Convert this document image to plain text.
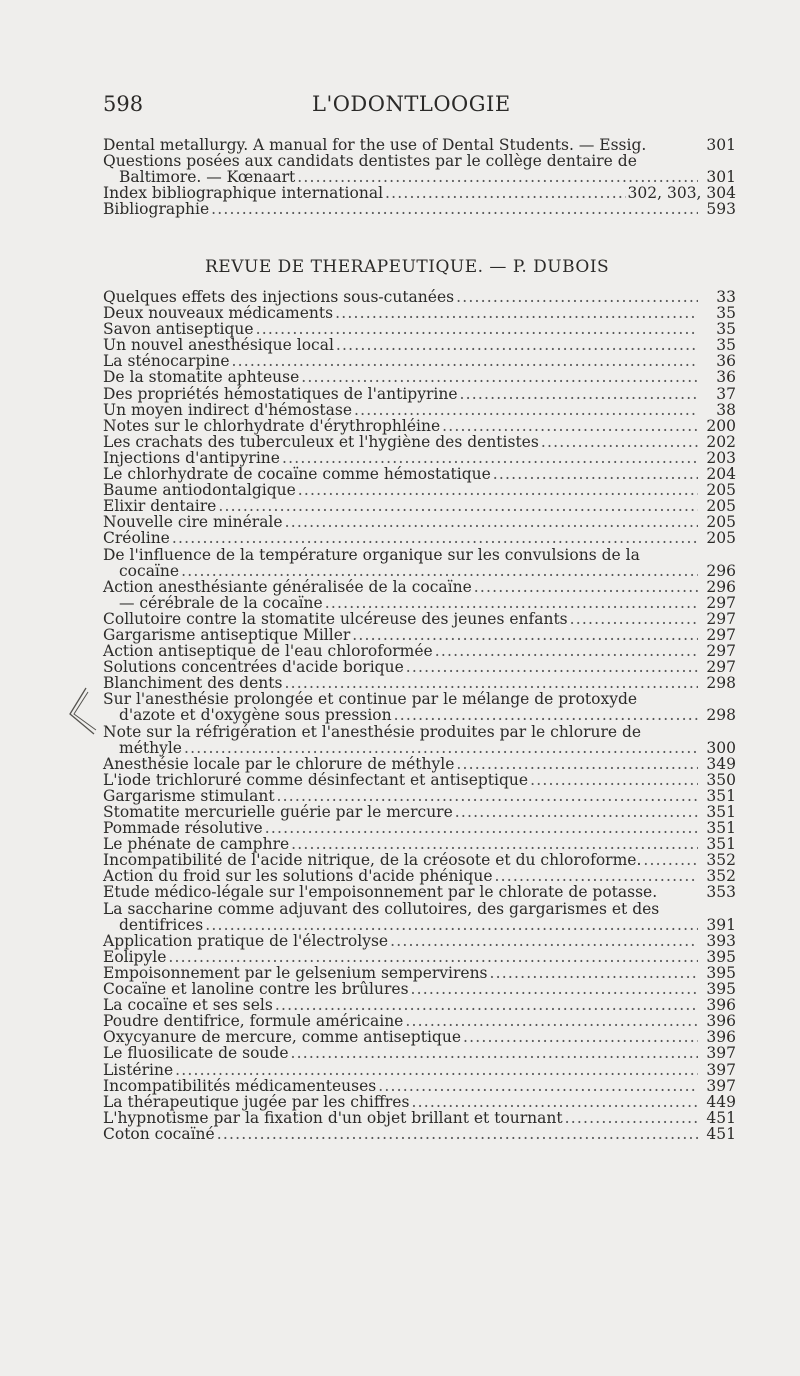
598	L'ODONTLOOGIE
Dental metallurgy. A manual for the use of Dental Students. — Essig.	301
Questions posées aux candidats dentistes par le collège dentaire de
Baltimore. — Kœnaart .....	301
Index bibliographique international .....	302, 303, 304
Bibliographie .....	593
REVUE DE THERAPEUTIQUE. — P. DUBOIS
Quelques effets des injections sous-cutanées .....	33
Deux nouveaux médicaments .....	35
Savon antiseptique .....	35
Un nouvel anesthésique local .....	35
La sténocarpine .....	36
De la stomatite aphteuse .....	36
Des propriétés hémostatiques de l'antipyrine .....	37
Un moyen indirect d'hémostase .....	38
Notes sur le chlorhydrate d'érythrophléine .....	200
Les crachats des tuberculeux et l'hygiène des dentistes .....	202
Injections d'antipyrine .....	203
Le chlorhydrate de cocaïne comme hémostatique .....	204
Baume antiodontalgique .....	205
Elixir dentaire .....	205
Nouvelle cire minérale .....	205
Créoline .....	205
De l'influence de la température organique sur les convulsions de la
cocaïne .....	296
Action anesthésiante généralisée de la cocaïne .....	296
— cérébrale de la cocaïne .....	297
Collutoire contre la stomatite ulcéreuse des jeunes enfants .....	297
Gargarisme antiseptique Miller .....	297
Action antiseptique de l'eau chloroformée .....	297
Solutions concentrées d'acide borique .....	297
Blanchiment des dents .....	298
Sur l'anesthésie prolongée et continue par le mélange de protoxyde
d'azote et d'oxygène sous pression .....	298
Note sur la réfrigération et l'anesthésie produites par le chlorure de
méthyle .....	300
Anesthésie locale par le chlorure de méthyle .....	349
L'iode trichloruré comme désinfectant et antiseptique .....	350
Gargarisme stimulant .....	351
Stomatite mercurielle guérie par le mercure .....	351
Pommade résolutive .....	351
Le phénate de camphre .....	351
Incompatibilité de l'acide nitrique, de la créosote et du chloroforme. .....	352
Action du froid sur les solutions d'acide phénique .....	352
Etude médico-légale sur l'empoisonnement par le chlorate de potasse.	353
La saccharine comme adjuvant des collutoires, des gargarismes et des
dentifrices .....	391
Application pratique de l'électrolyse .....	393
Eolipyle .....	395
Empoisonnement par le gelsenium sempervirens .....	395
Cocaïne et lanoline contre les brûlures .....	395
La cocaïne et ses sels .....	396
Poudre dentifrice, formule américaine .....	396
Oxycyanure de mercure, comme antiseptique .....	396
Le fluosilicate de soude .....	397
Listérine .....	397
Incompatibilités médicamenteuses .....	397
La thérapeutique jugée par les chiffres .....	449
L'hypnotisme par la fixation d'un objet brillant et tournant .....	451
Coton cocaïné .....	451
